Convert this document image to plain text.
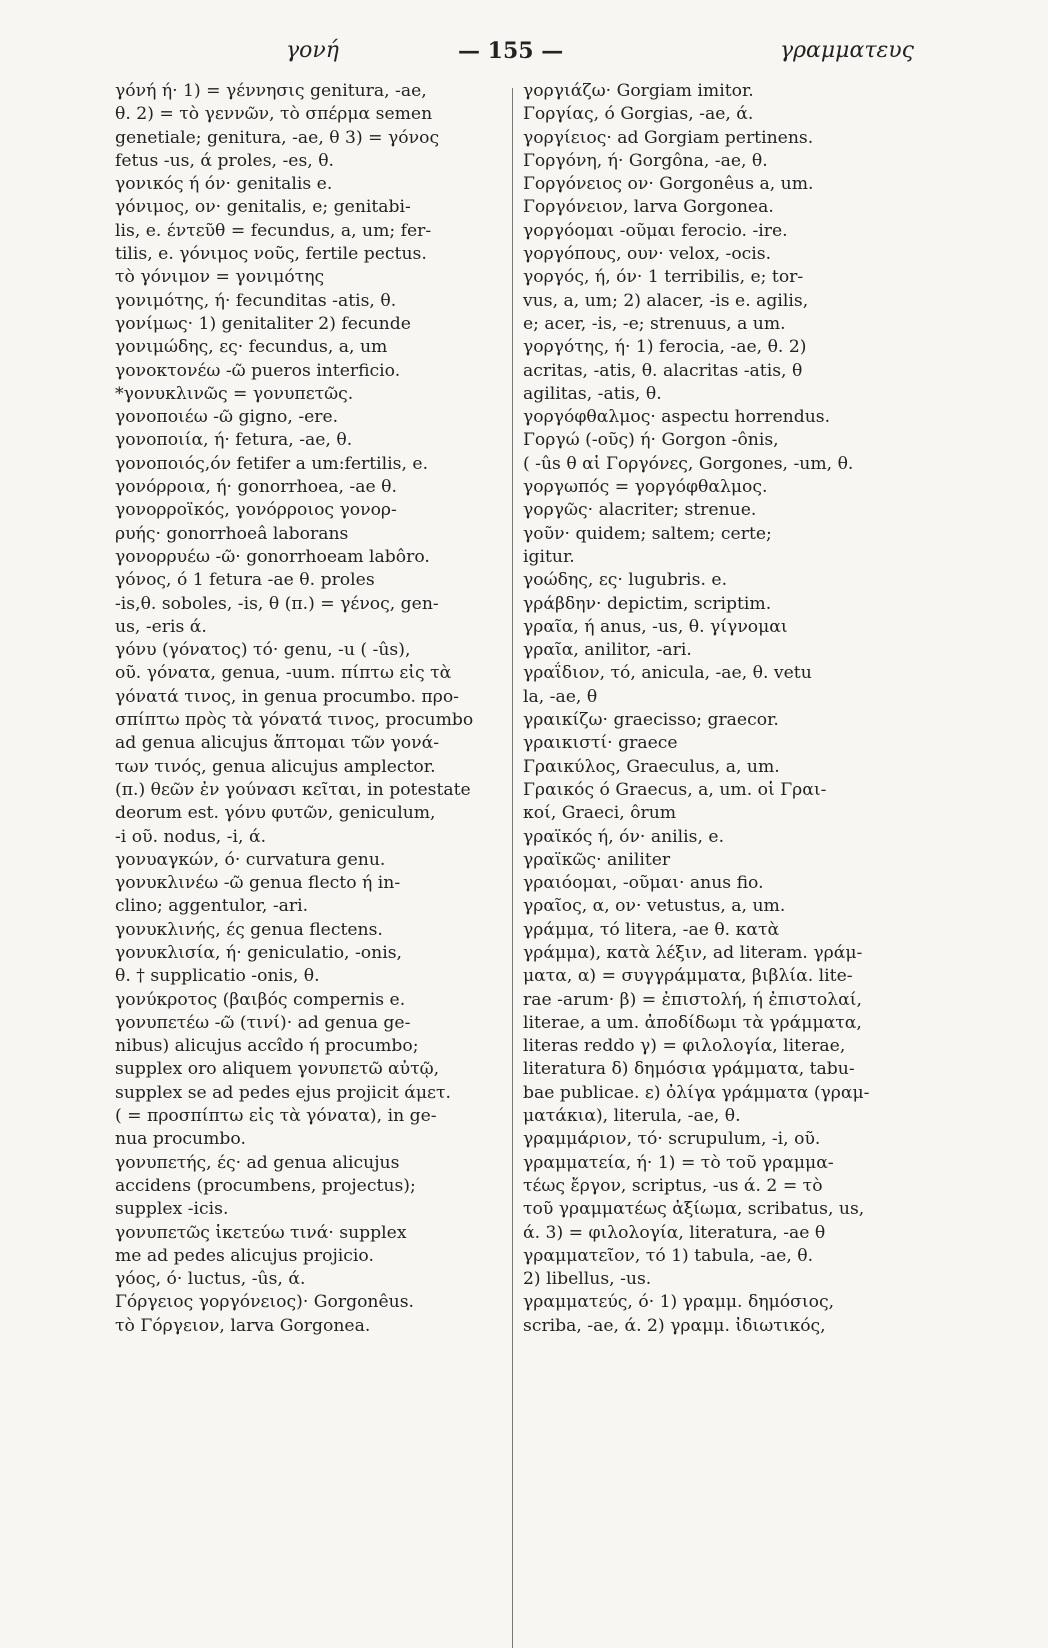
γονή	— 155 —	γραμματευς
γόνή ή· 1) = γέννησις genitura, -ae,
θ. 2) = τὸ γεννῶν, τὸ σπέρμα semen
genetiale; genitura, -ae, θ 3) = γόνος
fetus -us, ά proles, -es, θ.
γονικός ή όν· genitalis e.
γόνιμος, ον· genitalis, e; genitabi-
lis, e. έντεῦθ = fecundus, a, um; fer-
tilis, e. γόνιμος νοῦς, fertile pectus.
τὸ γόνιμον = γονιμότης
γονιμότης, ή· fecunditas -atis, θ.
γονίμως· 1) genitaliter 2) fecunde
γονιμώδης, ες· fecundus, a, um
γονοκτονέω -ῶ pueros interficio.
*γονυκλινῶς = γονυπετῶς.
γονοποιέω -ῶ gigno, -ere.
γονοποιία, ή· fetura, -ae, θ.
γονοποιός,όν fetifer a um:fertilis, e.
γονόρροια, ή· gonorrhoea, -ae θ.
γονορροϊκός, γονόρροιος γονορ-
ρυής· gonorrhoeâ laborans
γονορρυέω -ῶ· gonorrhoeam labôro.
γόνος, ό 1 fetura -ae θ. proles
-is,θ. soboles, -is, θ (π.) = γένος, gen-
us, -eris ά.
γόνυ (γόνατος) τό· genu, -u ( -ûs),
οῦ. γόνατα, genua, -uum. πίπτω εἰς τὰ
γόνατά τινος, in genua procumbo. προ-
σπίπτω πρὸς τὰ γόνατά τινος, procumbo
ad genua alicujus ἅπτομαι τῶν γονά-
των τινός, genua alicujus amplector.
(π.) θεῶν ἐν γούνασι κεῖται, in potestate
deorum est. γόνυ φυτῶν, geniculum,
-i οῦ. nodus, -i, ά.
γονυαγκών, ό· curvatura genu.
γονυκλινέω -ῶ genua flecto ή in-
clino; aggentulor, -ari.
γονυκλινής, ές genua flectens.
γονυκλισία, ή· geniculatio, -onis,
θ. † supplicatio -onis, θ.
γονύκροτος (βαιβός compernis e.
γονυπετέω -ῶ (τινί)· ad genua ge-
nibus) alicujus accîdo ή procumbo;
supplex oro aliquem γονυπετῶ αὐτῷ,
supplex se ad pedes ejus projicit άμετ.
( = προσπίπτω εἰς τὰ γόνατα), in ge-
nua procumbo.
γονυπετής, ές· ad genua alicujus
accidens (procumbens, projectus);
supplex -icis.
γονυπετῶς ἱκετεύω τινά· supplex
me ad pedes alicujus projicio.
γόος, ό· luctus, -ûs, ά.
Γόργειος γοργόνειος)· Gorgonêus.
τὸ Γόργειον, larva Gorgonea.
γοργιάζω· Gorgiam imitor.
Γοργίας, ό Gorgias, -ae, ά.
γοργίειος· ad Gorgiam pertinens.
Γοργόνη, ή· Gorgôna, -ae, θ.
Γοργόνειος ον· Gorgonêus a, um.
Γοργόνειον, larva Gorgonea.
γοργόομαι -οῦμαι ferocio. -ire.
γοργόπους, ουν· velox, -ocis.
γοργός, ή, όν· 1 terribilis, e; tor-
vus, a, um; 2) alacer, -is e. agilis,
e; acer, -is, -e; strenuus, a um.
γοργότης, ή· 1) ferocia, -ae, θ. 2)
acritas, -atis, θ. alacritas -atis, θ
agilitas, -atis, θ.
γοργόφθαλμος· aspectu horrendus.
Γοργώ (-οῦς) ή· Gorgon -ônis,
( -ûs θ αἱ Γοργόνες, Gorgones, -um, θ.
γοργωπός = γοργόφθαλμος.
γοργῶς· alacriter; strenue.
γοῦν· quidem; saltem; certe;
igitur.
γοώδης, ες· lugubris. e.
γράβδην· depictim, scriptim.
γραῖα, ή anus, -us, θ. γίγνομαι
γραῖα, anilitor, -ari.
γραΐδιον, τό, anicula, -ae, θ. vetu
la, -ae, θ
γραικίζω· graecisso; graecor.
γραικιστί· graece
Γραικύλος, Graeculus, a, um.
Γραικός ό Graecus, a, um. οἱ Γραι-
κοί, Graeci, ôrum
γραϊκός ή, όν· anilis, e.
γραϊκῶς· aniliter
γραιόομαι, -οῦμαι· anus fio.
γραῖος, α, ον· vetustus, a, um.
γράμμα, τό litera, -ae θ. κατὰ
γράμμα), κατὰ λέξιν, ad literam. γράμ-
ματα, α) = συγγράμματα, βιβλία. lite-
rae -arum· β) = ἐπιστολή, ή ἐπιστολαί,
literae, a um. ἀποδίδωμι τὰ γράμματα,
literas reddo γ) = φιλολογία, literae,
literatura δ) δημόσια γράμματα, tabu-
bae publicae. ε) ὀλίγα γράμματα (γραμ-
ματάκια), literula, -ae, θ.
γραμμάριον, τό· scrupulum, -i, οῦ.
γραμματεία, ή· 1) = τὸ τοῦ γραμμα-
τέως ἔργον, scriptus, -us ά. 2 = τὸ
τοῦ γραμματέως ἀξίωμα, scribatus, us,
ά. 3) = φιλολογία, literatura, -ae θ
γραμματεῖον, τό 1) tabula, -ae, θ.
2) libellus, -us.
γραμματεύς, ό· 1) γραμμ. δημόσιος,
scriba, -ae, ά. 2) γραμμ. ἰδιωτικός,
